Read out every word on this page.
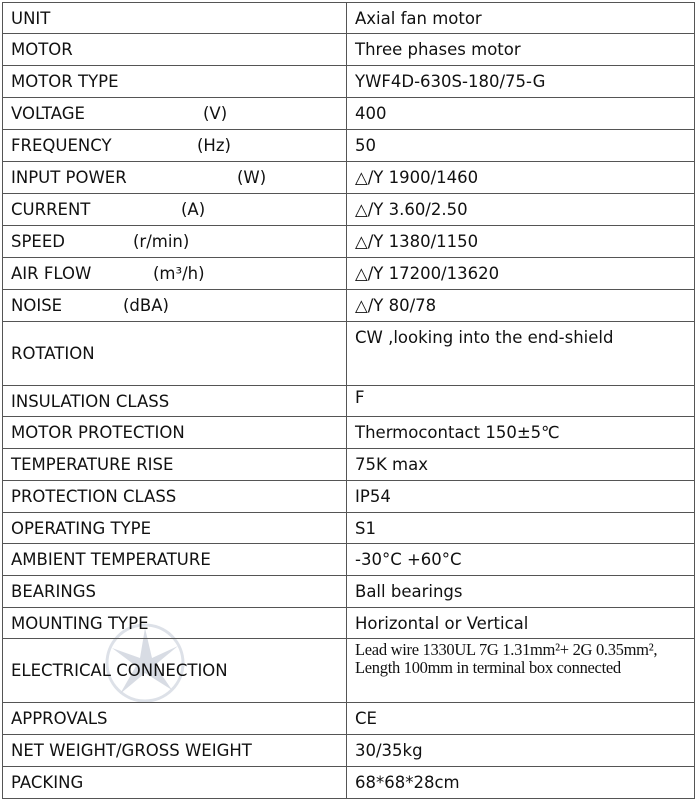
UNIT	Axial fan motor
MOTOR	Three phases motor
MOTOR TYPE	YWF4D-630S-180/75-G

VOLTAGE (V)	400

FREQUENCY (Hz)	50

INPUT POWER (W)	△/Y 1900/1460

CURRENT (A)	△/Y 3.60/2.50

SPEED (r/min)	△/Y 1380/1150

AIR FLOW (m³/h)	△/Y 17200/13620

NOISE (dBA)	△/Y 80/78
ROTATION	CW ,looking into the end-shield
INSULATION CLASS	F
MOTOR PROTECTION	Thermocontact 150±5℃
TEMPERATURE RISE	75K max
PROTECTION CLASS	IP54
OPERATING TYPE	S1
AMBIENT TEMPERATURE	-30°C +60°C
BEARINGS	Ball bearings
MOUNTING TYPE	Horizontal or Vertical
ELECTRICAL CONNECTION	Lead wire 1330UL 7G 1.31mm²+ 2G 0.35mm²,
Length 100mm in terminal box connected

APPROVALS	CE
NET WEIGHT/GROSS WEIGHT	30/35kg
PACKING	68*68*28cm
